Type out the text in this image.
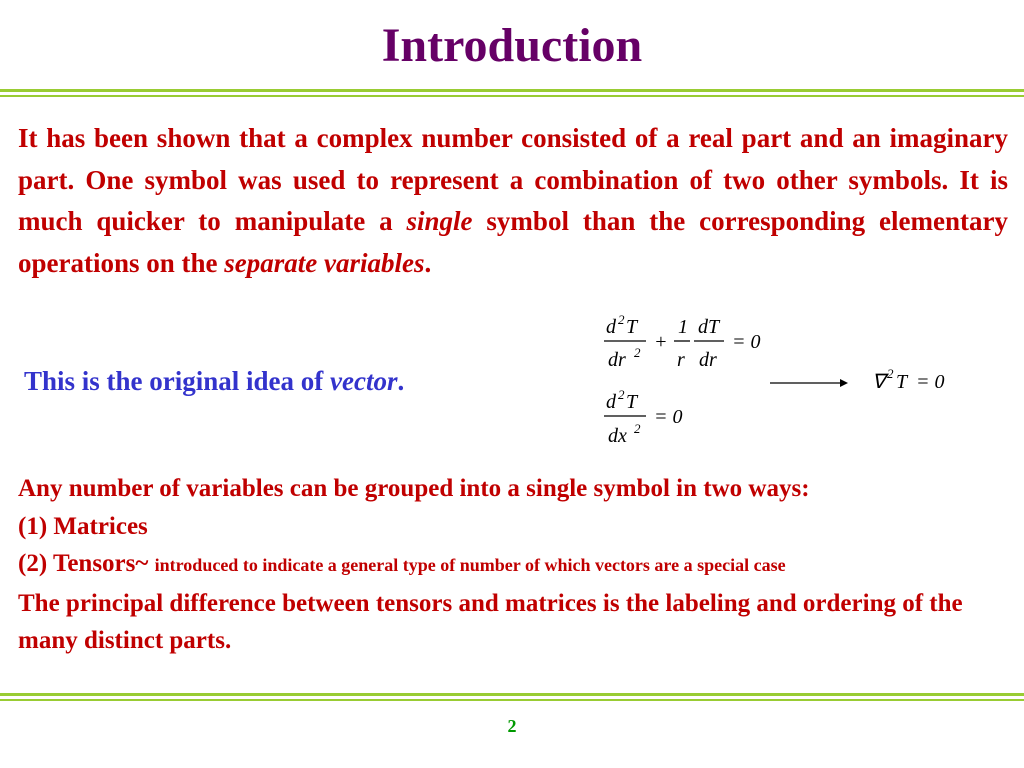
Introduction
It has been shown that a complex number consisted of a real part and an imaginary part. One symbol was used to represent a combination of two other symbols. It is much quicker to manipulate a single symbol than the corresponding elementary operations on the separate variables.
This is the original idea of vector.
d 2 T
dr 2 +
1
r
dT
dr
= 0
d 2 T
dx 2
= 0
∇ 2 T = 0
Any number of variables can be grouped into a single symbol in two ways:
(1) Matrices
(2) Tensors~ introduced to indicate a general type of number of which vectors are a special case
The principal difference between tensors and matrices is the labeling and ordering of the many distinct parts.
2
